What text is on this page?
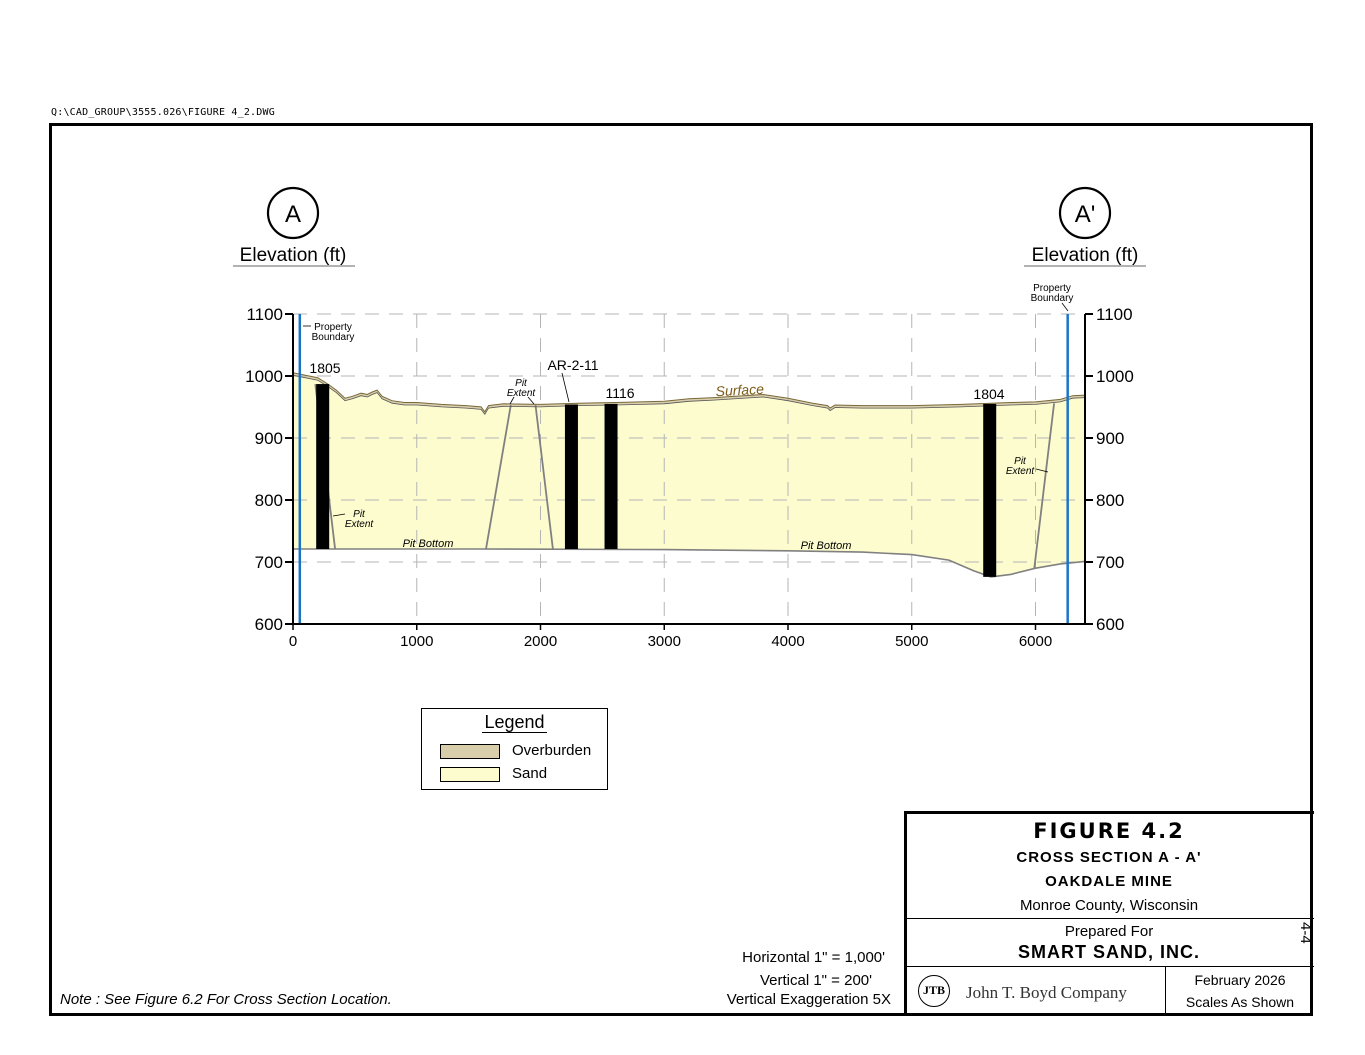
Q:\CAD_GROUP\3555.026\FIGURE 4_2.DWG
600	600
700	700
800	800
900	900
1000	1000
1100	1100
0	1000	2000	3000	4000	5000	6000
A	A'
Elevation (ft)	Elevation (ft)
1805	AR-2-11
1116	1804
Surface
Pit Bottom	Pit Bottom
Pit
Extent
Pit
Extent
Pit
Extent
Property
Boundary
Property
Boundary
Legend
Overburden
Sand
Note : See Figure 6.2 For Cross Section Location.
Horizontal 1" = 1,000'
Vertical 1" = 200'
Vertical Exaggeration 5X
FIGURE 4.2
CROSS SECTION A - A'
OAKDALE MINE
Monroe County, Wisconsin
Prepared For
SMART SAND, INC.
JTB John T. Boyd Company
February 2026
Scales As Shown
4-4
